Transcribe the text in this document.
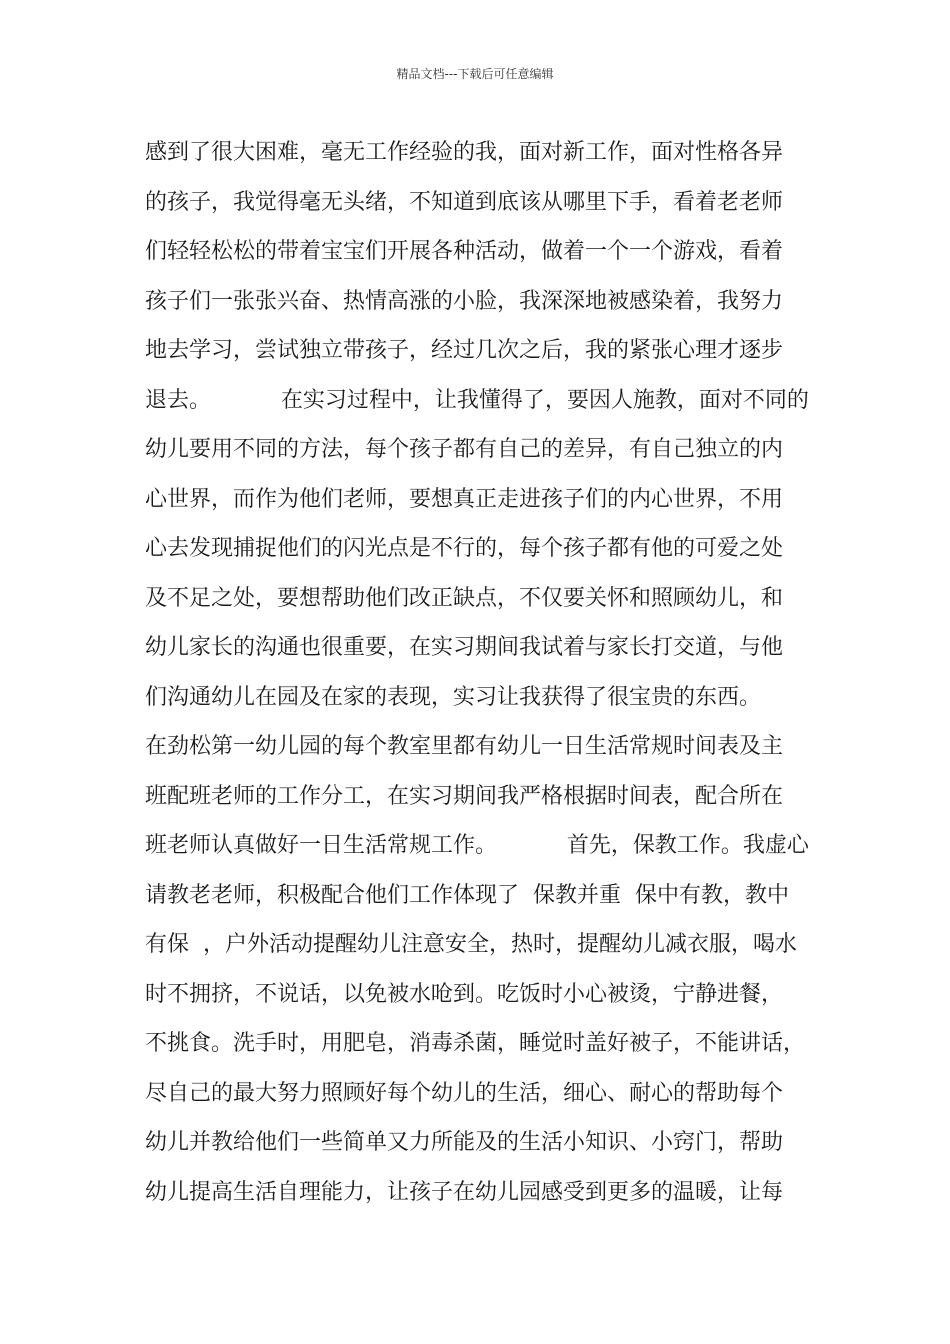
精品文档---下载后可任意编辑
感到了很大困难，毫无工作经验的我，面对新工作，面对性格各异
的孩子，我觉得毫无头绪，不知道到底该从哪里下手，看着老老师
们轻轻松松的带着宝宝们开展各种活动，做着一个一个游戏，看着
孩子们一张张兴奋、热情高涨的小脸，我深深地被感染着，我努力
地去学习，尝试独立带孩子，经过几次之后，我的紧张心理才逐步
退去。          在实习过程中，让我懂得了，要因人施教，面对不同的
幼儿要用不同的方法，每个孩子都有自己的差异，有自己独立的内
心世界，而作为他们老师，要想真正走进孩子们的内心世界，不用
心去发现捕捉他们的闪光点是不行的，每个孩子都有他的可爱之处
及不足之处，要想帮助他们改正缺点，不仅要关怀和照顾幼儿，和
幼儿家长的沟通也很重要，在实习期间我试着与家长打交道，与他
们沟通幼儿在园及在家的表现，实习让我获得了很宝贵的东西。
在劲松第一幼儿园的每个教室里都有幼儿一日生活常规时间表及主
班配班老师的工作分工，在实习期间我严格根据时间表，配合所在
班老师认真做好一日生活常规工作。          首先，保教工作。我虚心
请教老老师，积极配合他们工作体现了  保教并重  保中有教，教中
有保  ，户外活动提醒幼儿注意安全，热时，提醒幼儿减衣服，喝水
时不拥挤，不说话，以免被水呛到。吃饭时小心被烫，宁静进餐，
不挑食。洗手时，用肥皂，消毒杀菌，睡觉时盖好被子，不能讲话，
尽自己的最大努力照顾好每个幼儿的生活，细心、耐心的帮助每个
幼儿并教给他们一些简单又力所能及的生活小知识、小窍门，帮助
幼儿提高生活自理能力，让孩子在幼儿园感受到更多的温暖，让每
